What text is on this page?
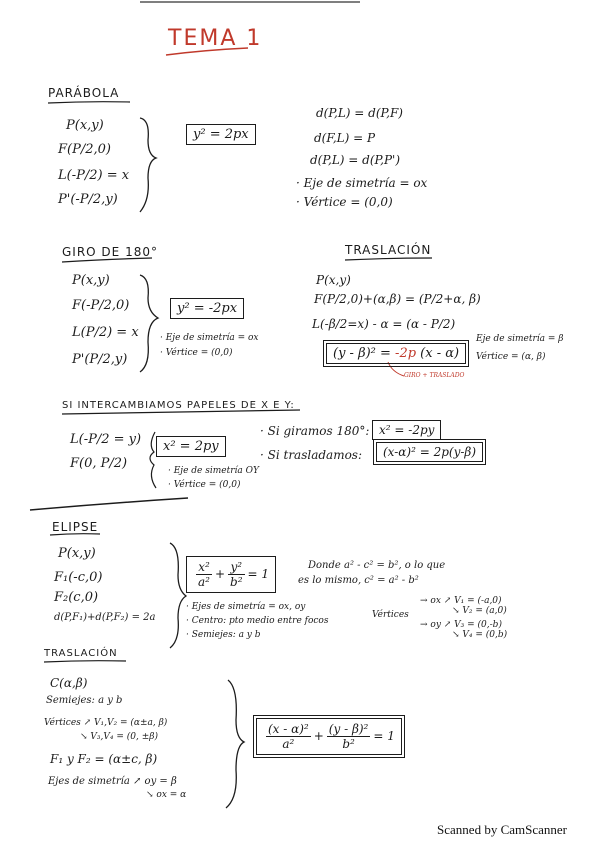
TEMA 1
PARÁBOLA
P(x,y)
F(P/2,0)
L(-P/2) = x
P'(-P/2,y)
y² = 2px
d(P,L) = d(P,F)
d(F,L) = P
d(P,L) = d(P,P')
· Eje de simetría = ox
· Vértice = (0,0)
GIRO DE 180°
P(x,y)
F(-P/2,0)
L(P/2) = x
P'(P/2,y)
y² = -2px
· Eje de simetría = ox
· Vértice = (0,0)
TRASLACIÓN
P(x,y)
F(P/2,0)+(α,β) = (P/2+α, β)
L(-β/2=x) - α = (α - P/2)
(y - β)² = -2p (x - α)
GIRO + TRASLADO
Eje de simetría = β
Vértice = (α, β)
SI INTERCAMBIAMOS PAPELES DE X E Y:
L(-P/2 = y)
F(0, P/2)
x² = 2py
· Eje de simetría OY
· Vértice = (0,0)
· Si giramos 180°: x² = -2py
· Si trasladamos:	(x-α)² = 2p(y-β)
ELIPSE
P(x,y)
F₁(-c,0)
F₂(c,0)
d(P,F₁)+d(P,F₂) = 2a
$\frac{\text{x²}}{\text{a²}} + \frac{\text{y²}}{\text{b²}} = 1$
Donde a² - c² = b², o lo que
es lo mismo, c² = a² - b²
· Ejes de simetría = ox, oy
· Centro: pto medio entre focos
· Semiejes: a y b
Vértices
→ ox ↗ V₁ = (-a,0)
↘ V₂ = (a,0)
→ oy ↗ V₃ = (0,-b)
↘ V₄ = (0,b)
TRASLACIÓN
C(α,β)
Semiejes: a y b
Vértices ↗ V₁,V₂ = (α±a, β)
↘ V₃,V₄ = (0, ±β)
F₁ y F₂ = (α±c, β)
Ejes de simetría ↗ oy = β
↘ ox = α
$\frac{\text{(x - α)²}}{\text{a²}} + \frac{\text{(y - β)²}}{\text{b²}} = 1$
Scanned by CamScanner
